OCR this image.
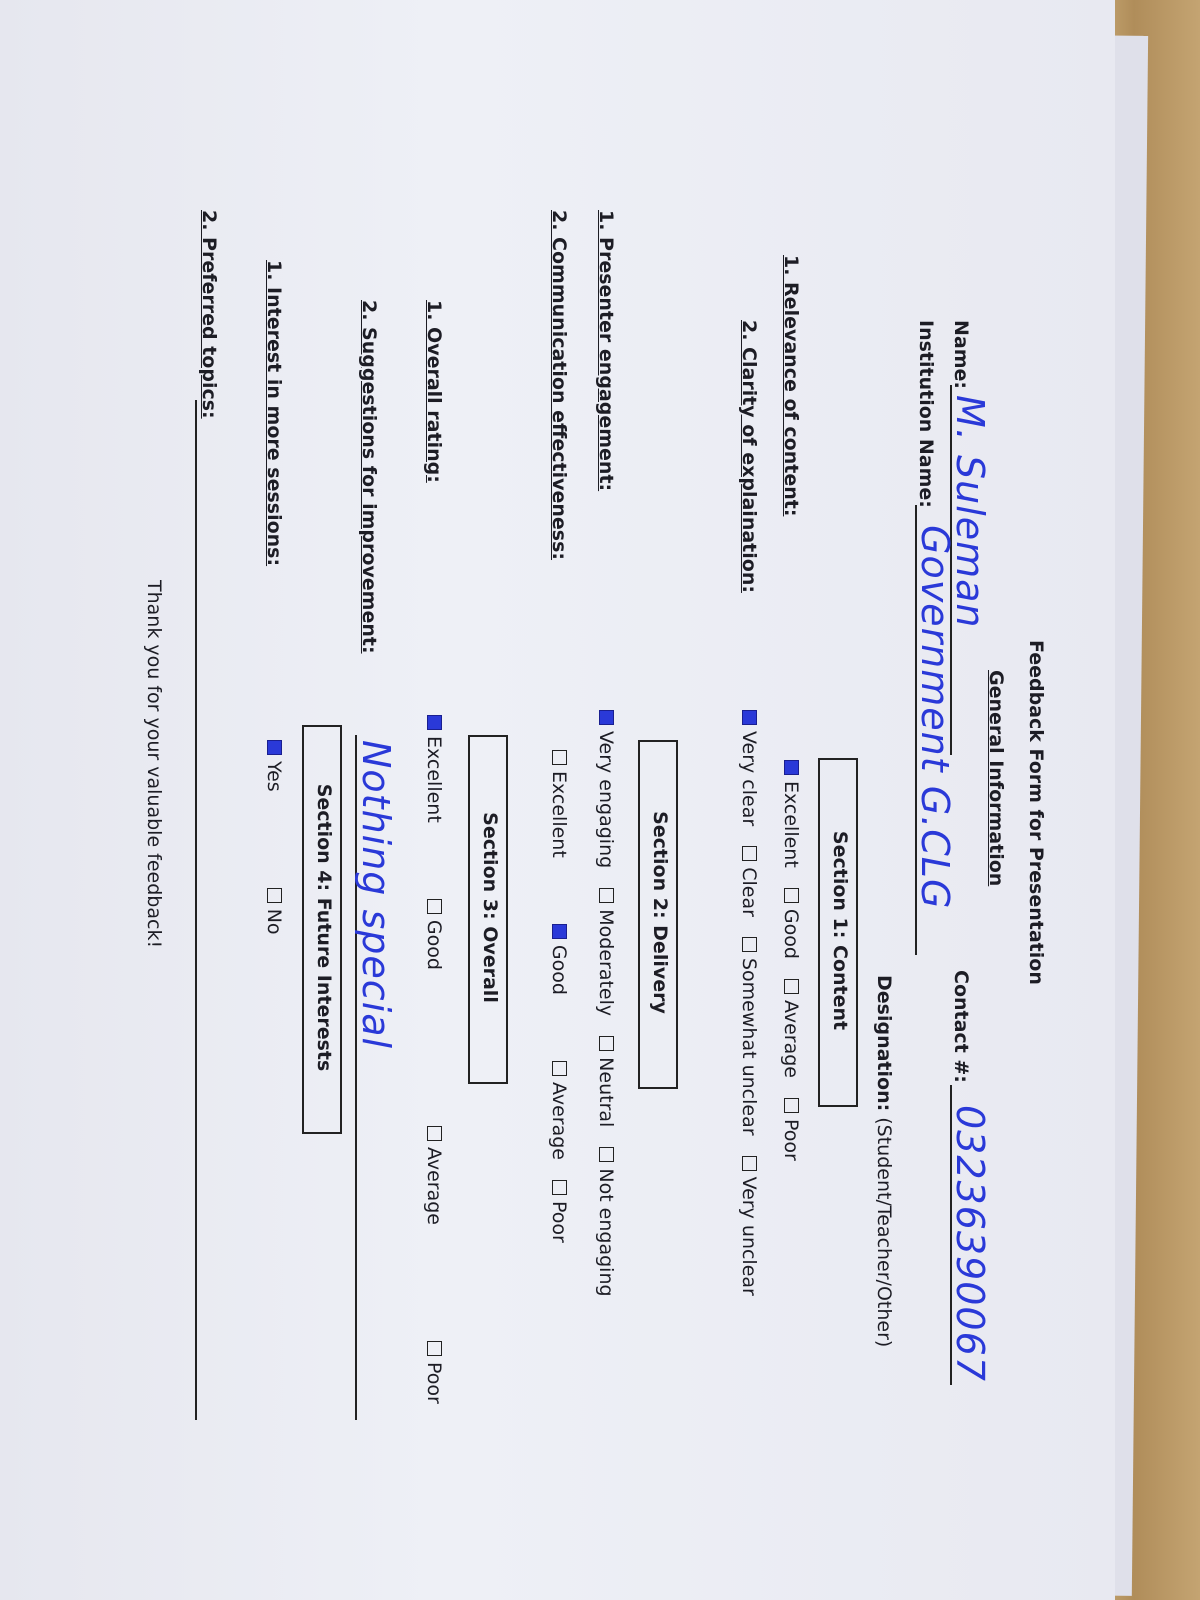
Feedback Form for Presentation
General Information
Name:
M. Suleman
Contact #:
03236390067
Institution Name:
Government G.CLG
Designation: (Student/Teacher/Other)
Section 1: Content
1. Relevance of content:
Excellent Good Average Poor
2. Clarity of explaination:
Very clear Clear Somewhat unclear Very unclear
Section 2: Delivery
1. Presenter engagement:
Very engaging Moderately Neutral Not engaging
2. Communication effectiveness:
Excellent Good Average Poor
Section 3: Overall
1. Overall rating:
Excellent Good Average Poor
2. Suggestions for improvement:
Nothing special
Section 4: Future Interests
1. Interest in more sessions:
Yes No
2. Preferred topics:
Thank you for your valuable feedback!
